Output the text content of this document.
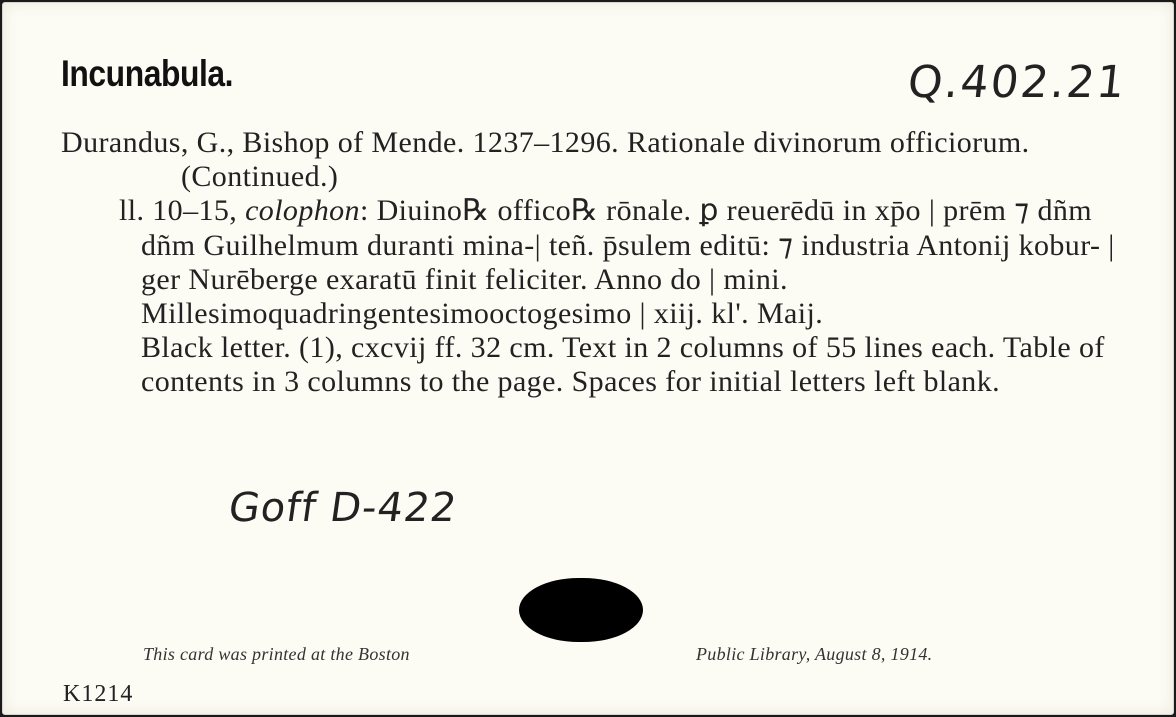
Incunabula.	Q.402.21

Durandus, G., Bishop of Mende. 1237–1296. Rationale divinorum officiorum. (Continued.)

ll. 10–15, colophon: Diuino℞ offico℞ rōnale. ꝑ reuerēdū in xp̄o | prēm ⁊ dñm dñm Guilhelmum duranti mina-| teñ. p̄sulem editū: ⁊ industria Antonij kobur- | ger Nurēberge exaratū finit feliciter. Anno do | mini. Millesimoquadringentesimooctogesimo | xiij. kl'. Maij.

Black letter. (1), cxcvij ff. 32 cm. Text in 2 columns of 55 lines each. Table of contents in 3 columns to the page. Spaces for initial letters left blank.

Goff D-422
This card was printed at the Boston	Public Library, August 8, 1914.
K1214
